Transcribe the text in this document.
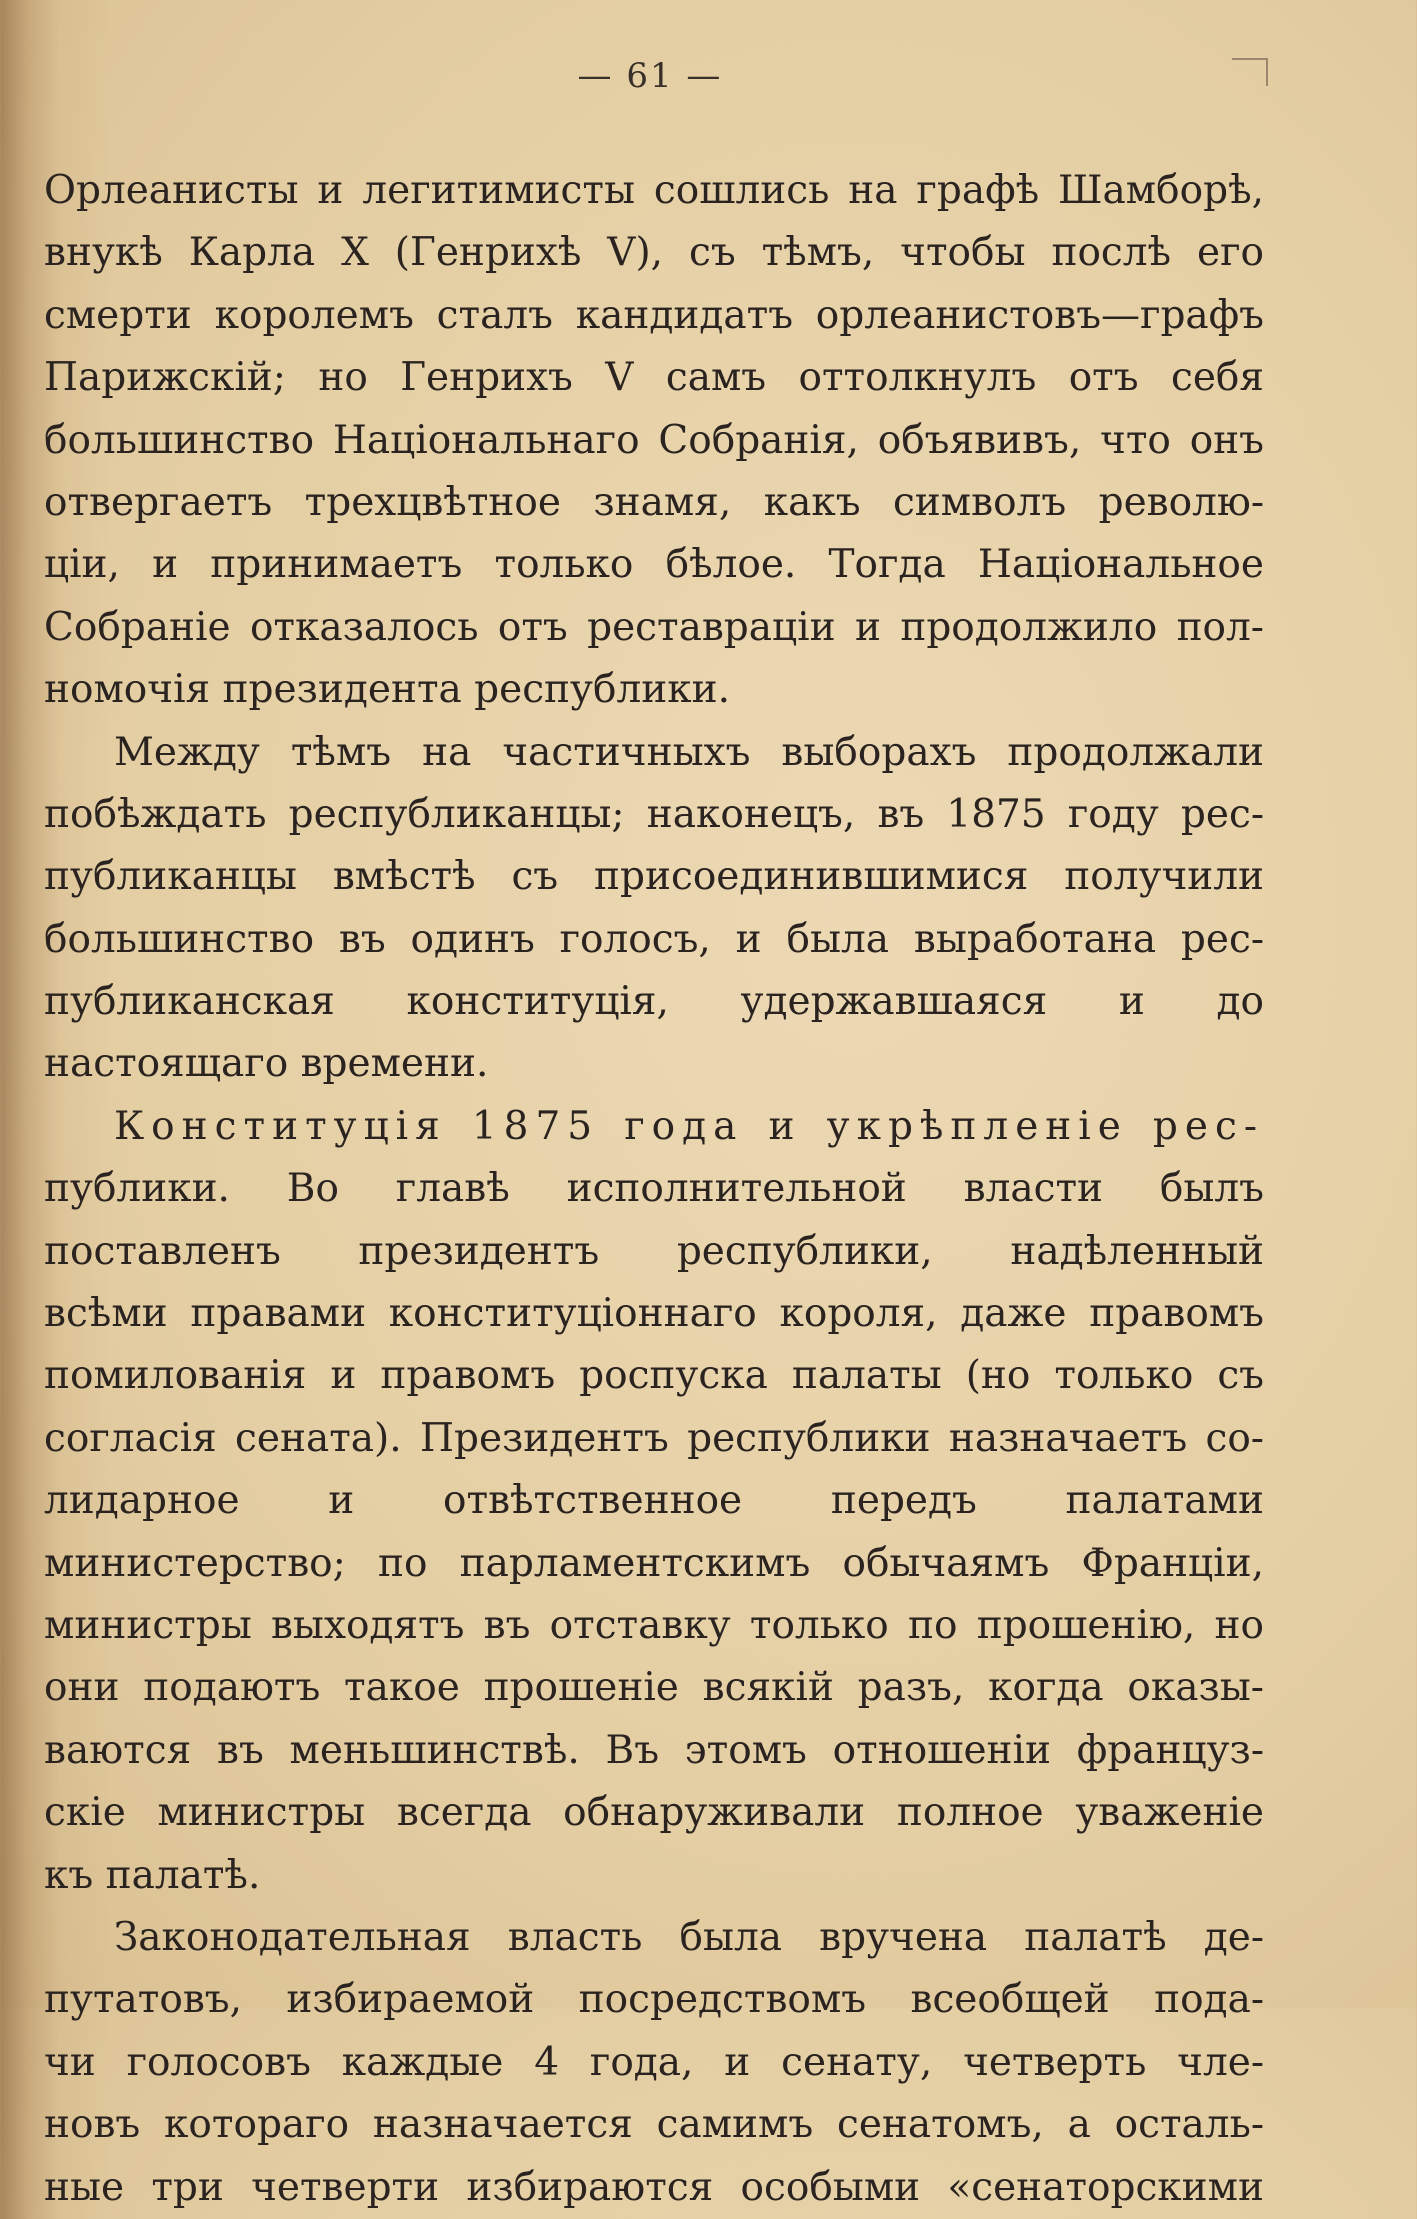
— 61 —
Орлеанисты и легитимисты сошлись на графѣ Шамборѣ,
внукѣ Карла Х (Генрихѣ V), съ тѣмъ, чтобы послѣ его
смерти королемъ сталъ кандидатъ орлеанистовъ—графъ
Парижскій; но Генрихъ V самъ оттолкнулъ отъ себя
большинство Національнаго Собранія, объявивъ, что онъ
отвергаетъ трехцвѣтное знамя, какъ символъ револю-
ціи, и принимаетъ только бѣлое. Тогда Національное
Собраніе отказалось отъ реставраціи и продолжило пол-
номочія президента республики.
Между тѣмъ на частичныхъ выборахъ продолжали
побѣждать республиканцы; наконецъ, въ 1875 году рес-
публиканцы вмѣстѣ съ присоединившимися получили
большинство въ одинъ голосъ, и была выработана рес-
публиканская конституція, удержавшаяся и до
настоящаго времени.
Конституція 1875 года и укрѣпленіе рес-
публики. Во главѣ исполнительной власти былъ
поставленъ президентъ республики, надѣленный
всѣми правами конституціоннаго короля, даже правомъ
помилованія и правомъ роспуска палаты (но только съ
согласія сената). Президентъ республики назначаетъ со-
лидарное и отвѣтственное передъ палатами
министерство; по парламентскимъ обычаямъ Франціи,
министры выходятъ въ отставку только по прошенію, но
они подаютъ такое прошеніе всякій разъ, когда оказы-
ваются въ меньшинствѣ. Въ этомъ отношеніи француз-
скіе министры всегда обнаруживали полное уваженіе
къ палатѣ.
Законодательная власть была вручена палатѣ де-
путатовъ, избираемой посредствомъ всеобщей пода-
чи голосовъ каждые 4 года, и сенату, четверть чле-
новъ котораго назначается самимъ сенатомъ, а осталь-
ные три четверти избираются особыми «сенаторскими
